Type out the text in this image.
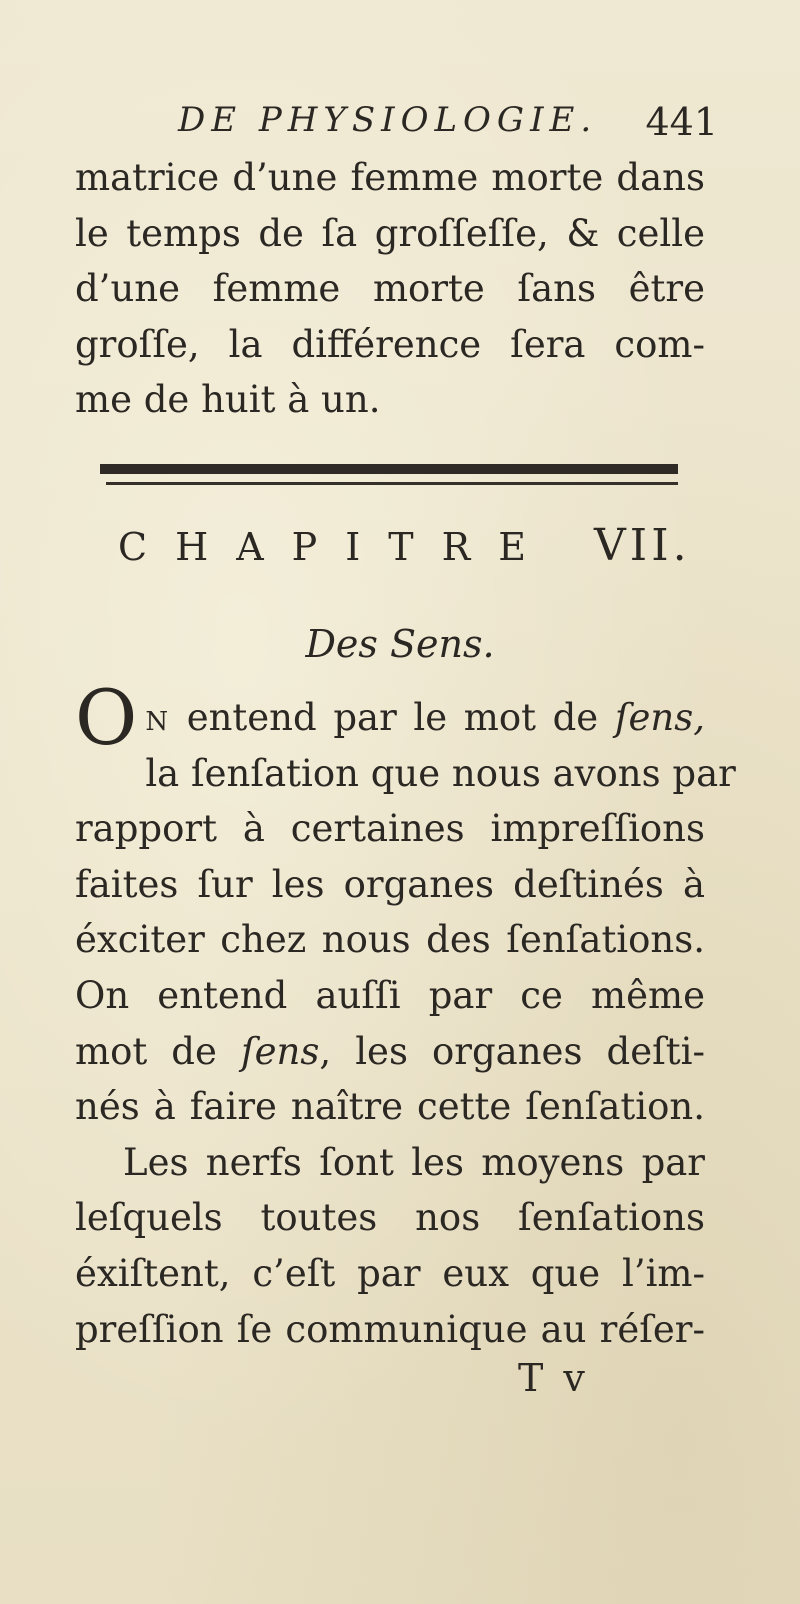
DE PHYSIOLOGIE. 441
matrice d’une femme morte dans
le temps de ſa groſſeſſe, & celle
d’une femme morte ſans être
groſſe, la différence ſera com-
me de huit à un.
CHAPITRE VII.
Des Sens.
O N entend par le mot de ſens,
la ſenſation que nous avons par
rapport à certaines impreſſions
faites ſur les organes deſtinés à
éxciter chez nous des ſenſations.
On entend auſſi par ce même
mot de ſens, les organes deſti-
nés à faire naître cette ſenſation.
Les nerfs ſont les moyens par
leſquels toutes nos ſenſations
éxiſtent, c’eſt par eux que l’im-
preſſion ſe communique au réſer-
T v
